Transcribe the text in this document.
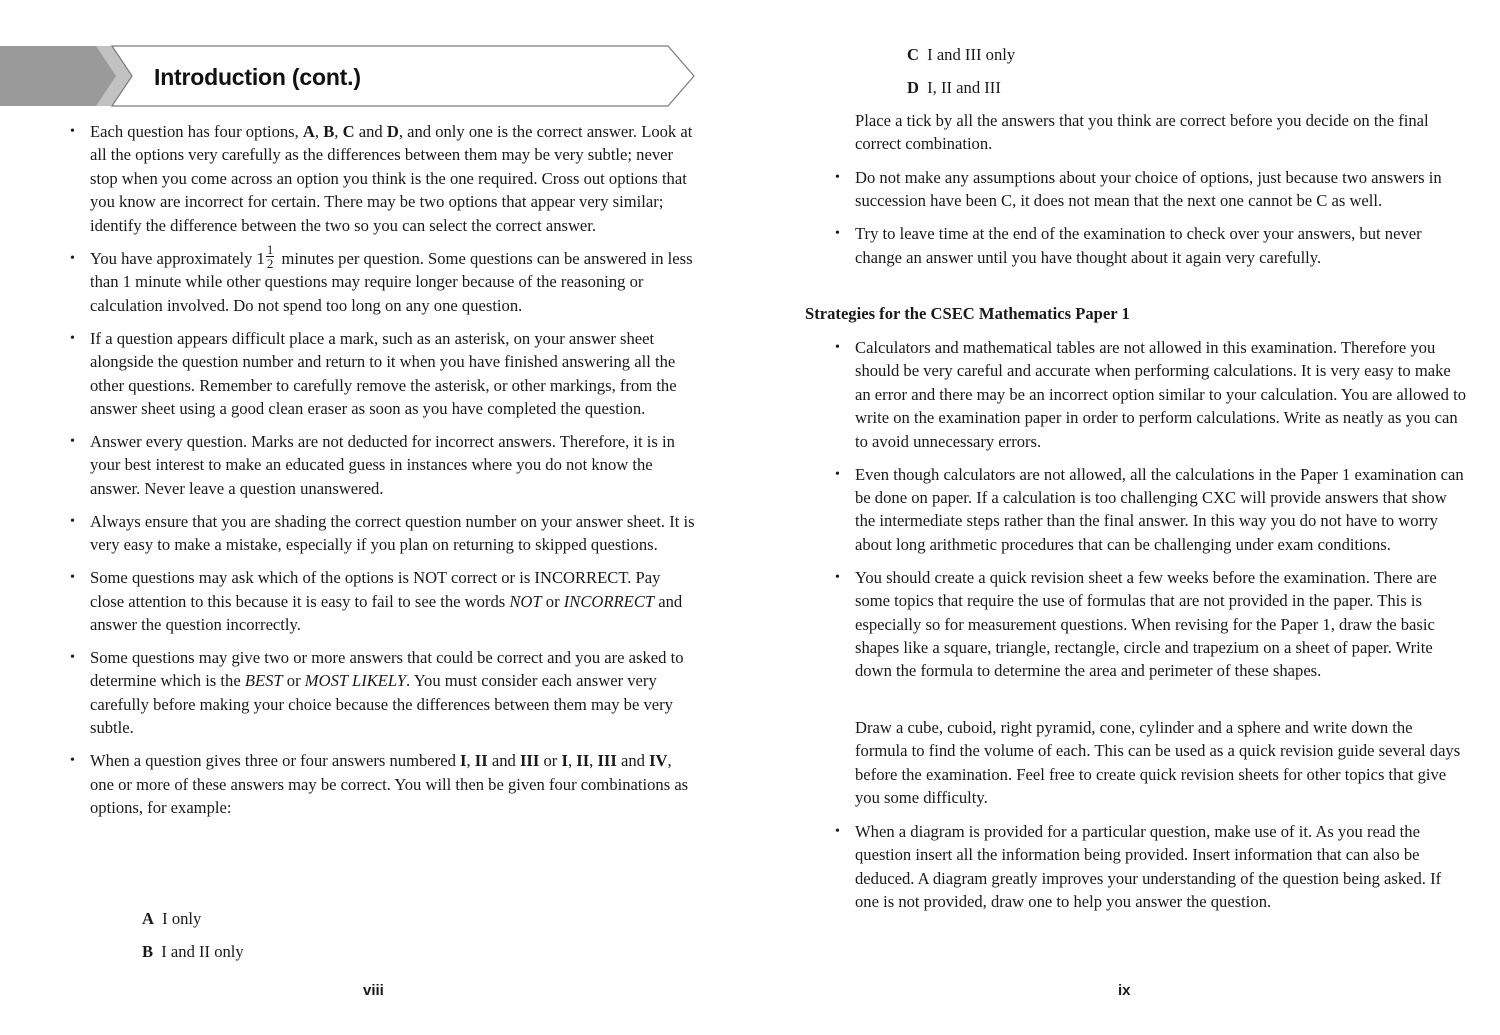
Introduction (cont.)
• Each question has four options, A, B, C and D, and only one is the correct answer. Look at all the options very carefully as the differences between them may be very subtle; never stop when you come across an option you think is the one required. Cross out options that you know are incorrect for certain. There may be two options that appear very similar; identify the difference between the two so you can select the correct answer.
• You have approximately $1 \frac{1}{2}$ minutes per question. Some questions can be answered in less than 1 minute while other questions may require longer because of the reasoning or calculation involved. Do not spend too long on any one question.
• If a question appears difficult place a mark, such as an asterisk, on your answer sheet alongside the question number and return to it when you have finished answering all the other questions. Remember to carefully remove the asterisk, or other markings, from the answer sheet using a good clean eraser as soon as you have completed the question.
• Answer every question. Marks are not deducted for incorrect answers. Therefore, it is in your best interest to make an educated guess in instances where you do not know the answer. Never leave a question unanswered.
• Always ensure that you are shading the correct question number on your answer sheet. It is very easy to make a mistake, especially if you plan on returning to skipped questions.
• Some questions may ask which of the options is NOT correct or is INCORRECT. Pay close attention to this because it is easy to fail to see the words NOT or INCORRECT and answer the question incorrectly.
• Some questions may give two or more answers that could be correct and you are asked to determine which is the BEST or MOST LIKELY. You must consider each answer very carefully before making your choice because the differences between them may be very subtle.
• When a question gives three or four answers numbered I, II and III or I, II, III and IV, one or more of these answers may be correct. You will then be given four combinations as options, for example:
A I only
B I and II only
viii
C I and III only
D I, II and III
Place a tick by all the answers that you think are correct before you decide on the final correct combination.
• Do not make any assumptions about your choice of options, just because two answers in succession have been C, it does not mean that the next one cannot be C as well.
• Try to leave time at the end of the examination to check over your answers, but never change an answer until you have thought about it again very carefully.
Strategies for the CSEC Mathematics Paper 1
• Calculators and mathematical tables are not allowed in this examination. Therefore you should be very careful and accurate when performing calculations. It is very easy to make an error and there may be an incorrect option similar to your calculation. You are allowed to write on the examination paper in order to perform calculations. Write as neatly as you can to avoid unnecessary errors.
• Even though calculators are not allowed, all the calculations in the Paper 1 examination can be done on paper. If a calculation is too challenging CXC will provide answers that show the intermediate steps rather than the final answer. In this way you do not have to worry about long arithmetic procedures that can be challenging under exam conditions.
• You should create a quick revision sheet a few weeks before the examination. There are some topics that require the use of formulas that are not provided in the paper. This is especially so for measurement questions. When revising for the Paper 1, draw the basic shapes like a square, triangle, rectangle, circle and trapezium on a sheet of paper. Write down the formula to determine the area and perimeter of these shapes.
Draw a cube, cuboid, right pyramid, cone, cylinder and a sphere and write down the formula to find the volume of each. This can be used as a quick revision guide several days before the examination. Feel free to create quick revision sheets for other topics that give you some difficulty.
• When a diagram is provided for a particular question, make use of it. As you read the question insert all the information being provided. Insert information that can also be deduced. A diagram greatly improves your understanding of the question being asked. If one is not provided, draw one to help you answer the question.
ix
